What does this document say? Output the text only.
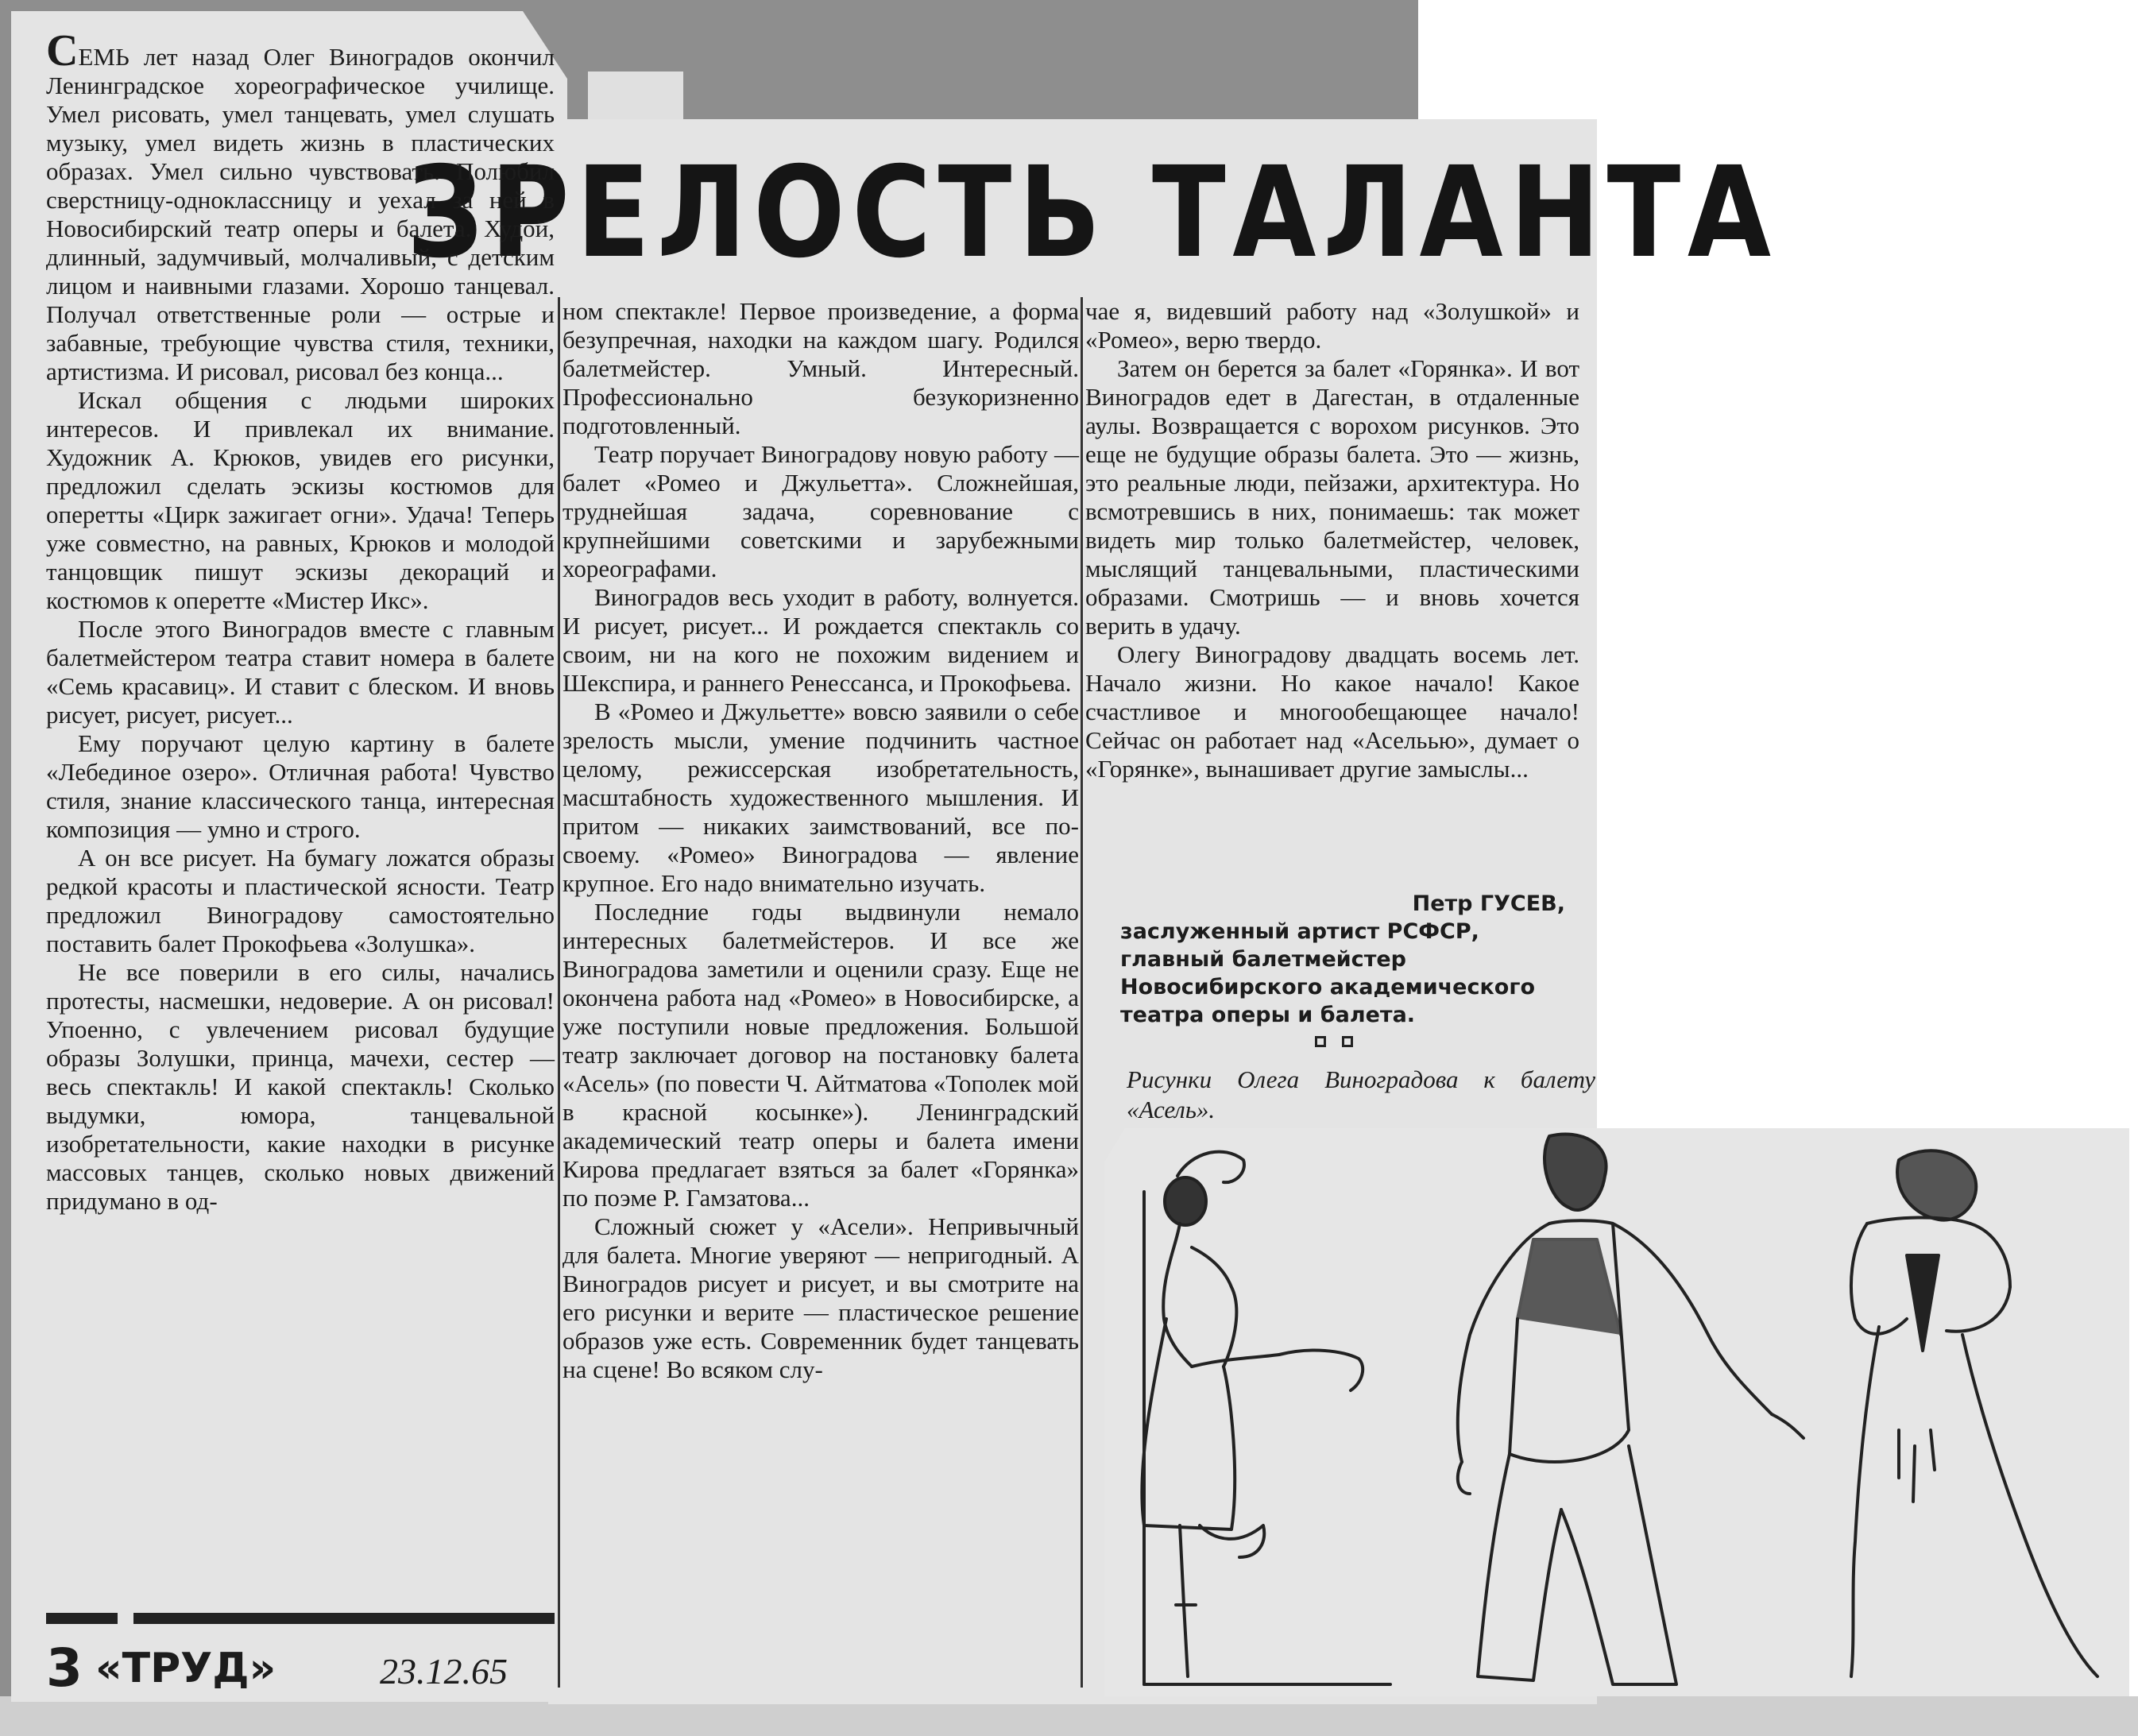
ЗРЕЛОСТЬ ТАЛАНТА

СЕМЬ лет назад Олег Виноградов окончил Ленинградское хореографическое училище. Умел рисовать, умел танцевать, умел слушать музыку, умел видеть жизнь в пластических образах. Умел сильно чувствовать. Полюбил сверстницу-одноклассницу и уехал за ней в Новосибирский театр оперы и балета. Худой, длинный, задумчивый, молчаливый, с детским лицом и наивными глазами. Хорошо танцевал. Получал ответственные роли — острые и забавные, требующие чувства стиля, техники, артистизма. И рисовал, рисовал без конца...

Искал общения с людьми широких интересов. И привлекал их внимание. Художник А. Крюков, увидев его рисунки, предложил сделать эскизы костюмов для оперетты «Цирк зажигает огни». Удача! Теперь уже совместно, на равных, Крюков и молодой танцовщик пишут эскизы декораций и костюмов к оперетте «Мистер Икс».

После этого Виноградов вместе с главным балетмейстером театра ставит номера в балете «Семь красавиц». И ставит с блеском. И вновь рисует, рисует, рисует...

Ему поручают целую картину в балете «Лебединое озеро». Отличная работа! Чувство стиля, знание классического танца, интересная композиция — умно и строго.

А он все рисует. На бумагу ложатся образы редкой красоты и пластической ясности. Театр предложил Виноградову самостоятельно поставить балет Прокофьева «Золушка».

Не все поверили в его силы, начались протесты, насмешки, недоверие. А он рисовал! Упоенно, с увлечением рисовал будущие образы Золушки, принца, мачехи, сестер — весь спектакль! И какой спектакль! Сколько выдумки, юмора, танцевальной изобретательности, какие находки в рисунке массовых танцев, сколько новых движений придумано в од-

ном спектакле! Первое произведение, а форма безупречная, находки на каждом шагу. Родился балетмейстер. Умный. Интересный. Профессионально безукоризненно подготовленный.

Театр поручает Виноградову новую работу — балет «Ромео и Джульетта». Сложнейшая, труднейшая задача, соревнование с крупнейшими советскими и зарубежными хореографами.

Виноградов весь уходит в работу, волнуется. И рисует, рисует... И рождается спектакль со своим, ни на кого не похожим видением и Шекспира, и раннего Ренессанса, и Прокофьева.

В «Ромео и Джульетте» вовсю заявили о себе зрелость мысли, умение подчинить частное целому, режиссерская изобретательность, масштабность художественного мышления. И притом — никаких заимствований, все по-своему. «Ромео» Виноградова — явление крупное. Его надо внимательно изучать.

Последние годы выдвинули немало интересных балетмейстеров. И все же Виноградова заметили и оценили сразу. Еще не окончена работа над «Ромео» в Новосибирске, а уже поступили новые предложения. Большой театр заключает договор на постановку балета «Асель» (по повести Ч. Айтматова «Тополек мой в красной косынке»). Ленинградский академический театр оперы и балета имени Кирова предлагает взяться за балет «Горянка» по поэме Р. Гамзатова...

Сложный сюжет у «Асели». Непривычный для балета. Многие уверяют — непригодный. А Виноградов рисует и рисует, и вы смотрите на его рисунки и верите — пластическое решение образов уже есть. Современник будет танцевать на сцене! Во всяком слу-

чае я, видевший работу над «Золушкой» и «Ромео», верю твердо.

Затем он берется за балет «Горянка». И вот Виноградов едет в Дагестан, в отдаленные аулы. Возвращается с ворохом рисунков. Это еще не будущие образы балета. Это — жизнь, это реальные люди, пейзажи, архитектура. Но всмотревшись в них, понимаешь: так может видеть мир только балетмейстер, человек, мыслящий танцевальными, пластическими образами. Смотришь — и вновь хочется верить в удачу.

Олегу Виноградову двадцать восемь лет. Начало жизни. Но какое начало! Какое счастливое и многообещающее начало! Сейчас он работает над «Асельью», думает о «Горянке», вынашивает другие замыслы...

Петр ГУСЕВ,
заслуженный артист РСФСР, главный балетмейстер Новосибирского академического театра оперы и балета.
Рисунки Олега Виноградова к балету «Асель».
3 «ТРУД»	23.12.65
